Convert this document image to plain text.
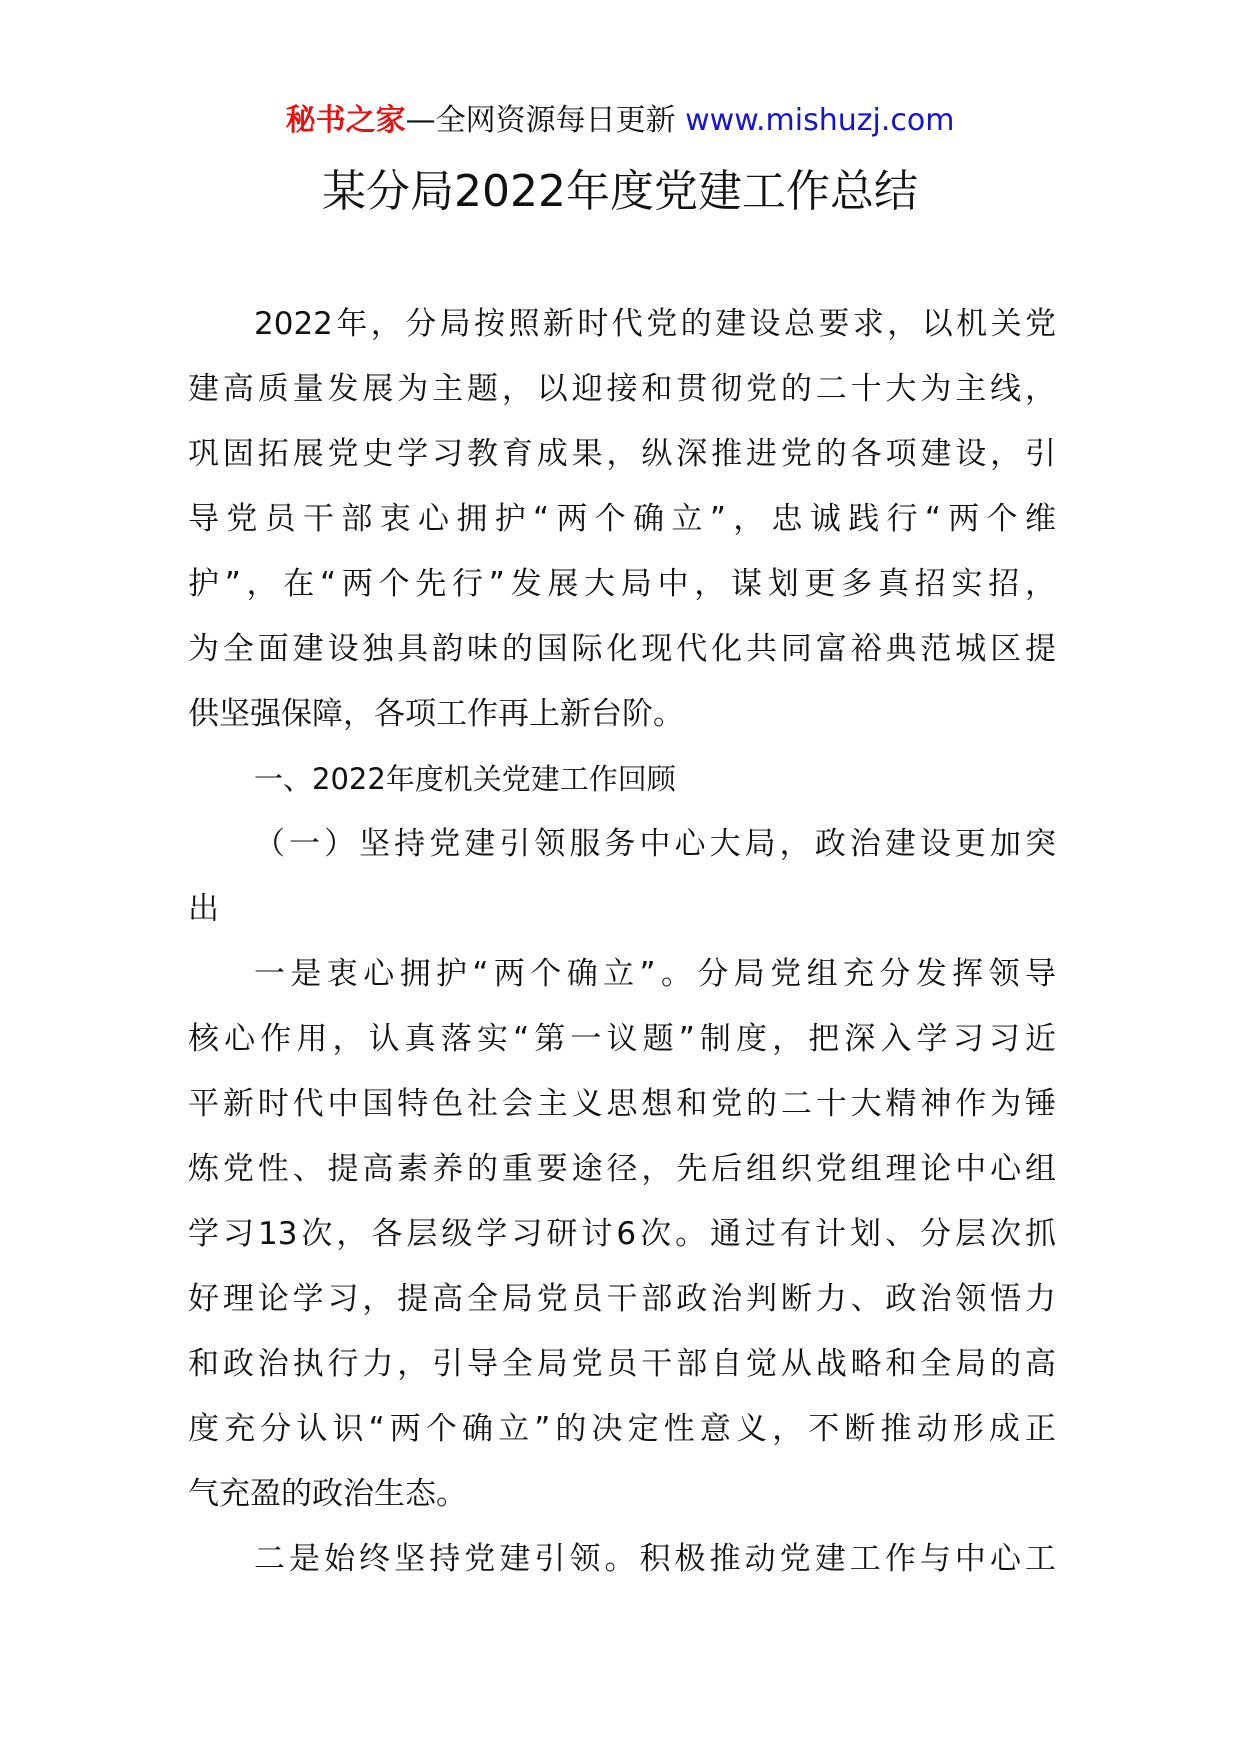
秘书之家—全网资源每日更新 www.mishuzj.com
某分局2022年度党建工作总结
2022年，分局按照新时代党的建设总要求，以机关党
建高质量发展为主题，以迎接和贯彻党的二十大为主线，
巩固拓展党史学习教育成果，纵深推进党的各项建设，引
导党员干部衷心拥护“两个确立”，忠诚践行“两个维
护”，在“两个先行”发展大局中，谋划更多真招实招，
为全面建设独具韵味的国际化现代化共同富裕典范城区提
供坚强保障，各项工作再上新台阶。
一、2022年度机关党建工作回顾
（一）坚持党建引领服务中心大局，政治建设更加突
出
一是衷心拥护“两个确立”。分局党组充分发挥领导
核心作用，认真落实“第一议题”制度，把深入学习习近
平新时代中国特色社会主义思想和党的二十大精神作为锤
炼党性、提高素养的重要途径，先后组织党组理论中心组
学习13次，各层级学习研讨6次。通过有计划、分层次抓
好理论学习，提高全局党员干部政治判断力、政治领悟力
和政治执行力，引导全局党员干部自觉从战略和全局的高
度充分认识“两个确立”的决定性意义，不断推动形成正
气充盈的政治生态。
二是始终坚持党建引领。积极推动党建工作与中心工
